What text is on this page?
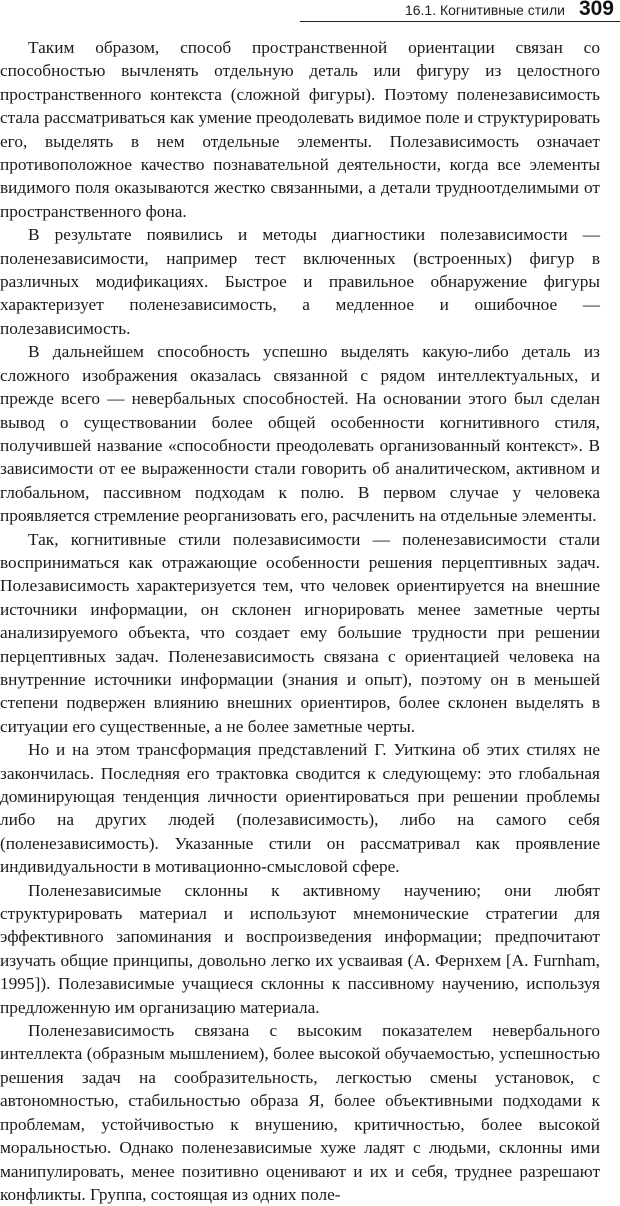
16.1. Когнитивные стили 309

Таким образом, способ пространственной ориентации связан со способностью вычленять отдельную деталь или фигуру из целостного пространственного контекста (сложной фигуры). Поэтому поленезависимость стала рассматриваться как умение преодолевать видимое поле и структурировать его, выделять в нем отдельные элементы. Полезависимость означает противоположное качество познавательной деятельности, когда все элементы видимого поля оказываются жестко связанными, а детали трудноотделимыми от пространственного фона.

В результате появились и методы диагностики полезависимости — поленезависимости, например тест включенных (встроенных) фигур в различных модификациях. Быстрое и правильное обнаружение фигуры характеризует поленезависимость, а медленное и ошибочное — полезависимость.

В дальнейшем способность успешно выделять какую-либо деталь из сложного изображения оказалась связанной с рядом интеллектуальных, и прежде всего — невербальных способностей. На основании этого был сделан вывод о существовании более общей особенности когнитивного стиля, получившей название «способности преодолевать организованный контекст». В зависимости от ее выраженности стали говорить об аналитическом, активном и глобальном, пассивном подходам к полю. В первом случае у человека проявляется стремление реорганизовать его, расчленить на отдельные элементы.

Так, когнитивные стили полезависимости — поленезависимости стали восприниматься как отражающие особенности решения перцептивных задач. Полезависимость характеризуется тем, что человек ориентируется на внешние источники информации, он склонен игнорировать менее заметные черты анализируемого объекта, что создает ему большие трудности при решении перцептивных задач. Поленезависимость связана с ориентацией человека на внутренние источники информации (знания и опыт), поэтому он в меньшей степени подвержен влиянию внешних ориентиров, более склонен выделять в ситуации его существенные, а не более заметные черты.

Но и на этом трансформация представлений Г. Уиткина об этих стилях не закончилась. Последняя его трактовка сводится к следующему: это глобальная доминирующая тенденция личности ориентироваться при решении проблемы либо на других людей (полезависимость), либо на самого себя (поленезависимость). Указанные стили он рассматривал как проявление индивидуальности в мотивационно-смысловой сфере.

Поленезависимые склонны к активному научению; они любят структурировать материал и используют мнемонические стратегии для эффективного запоминания и воспроизведения информации; предпочитают изучать общие принципы, довольно легко их усваивая (А. Фернхем [A. Furnham, 1995]). Полезависимые учащиеся склонны к пассивному научению, используя предложенную им организацию материала.

Поленезависимость связана с высоким показателем невербального интеллекта (образным мышлением), более высокой обучаемостью, успешностью решения задач на сообразительность, легкостью смены установок, с автономностью, стабильностью образа Я, более объективными подходами к проблемам, устойчивостью к внушению, критичностью, более высокой моральностью. Однако поленезависимые хуже ладят с людьми, склонны ими манипулировать, менее позитивно оценивают и их и себя, труднее разрешают конфликты. Группа, состоящая из одних поле-
